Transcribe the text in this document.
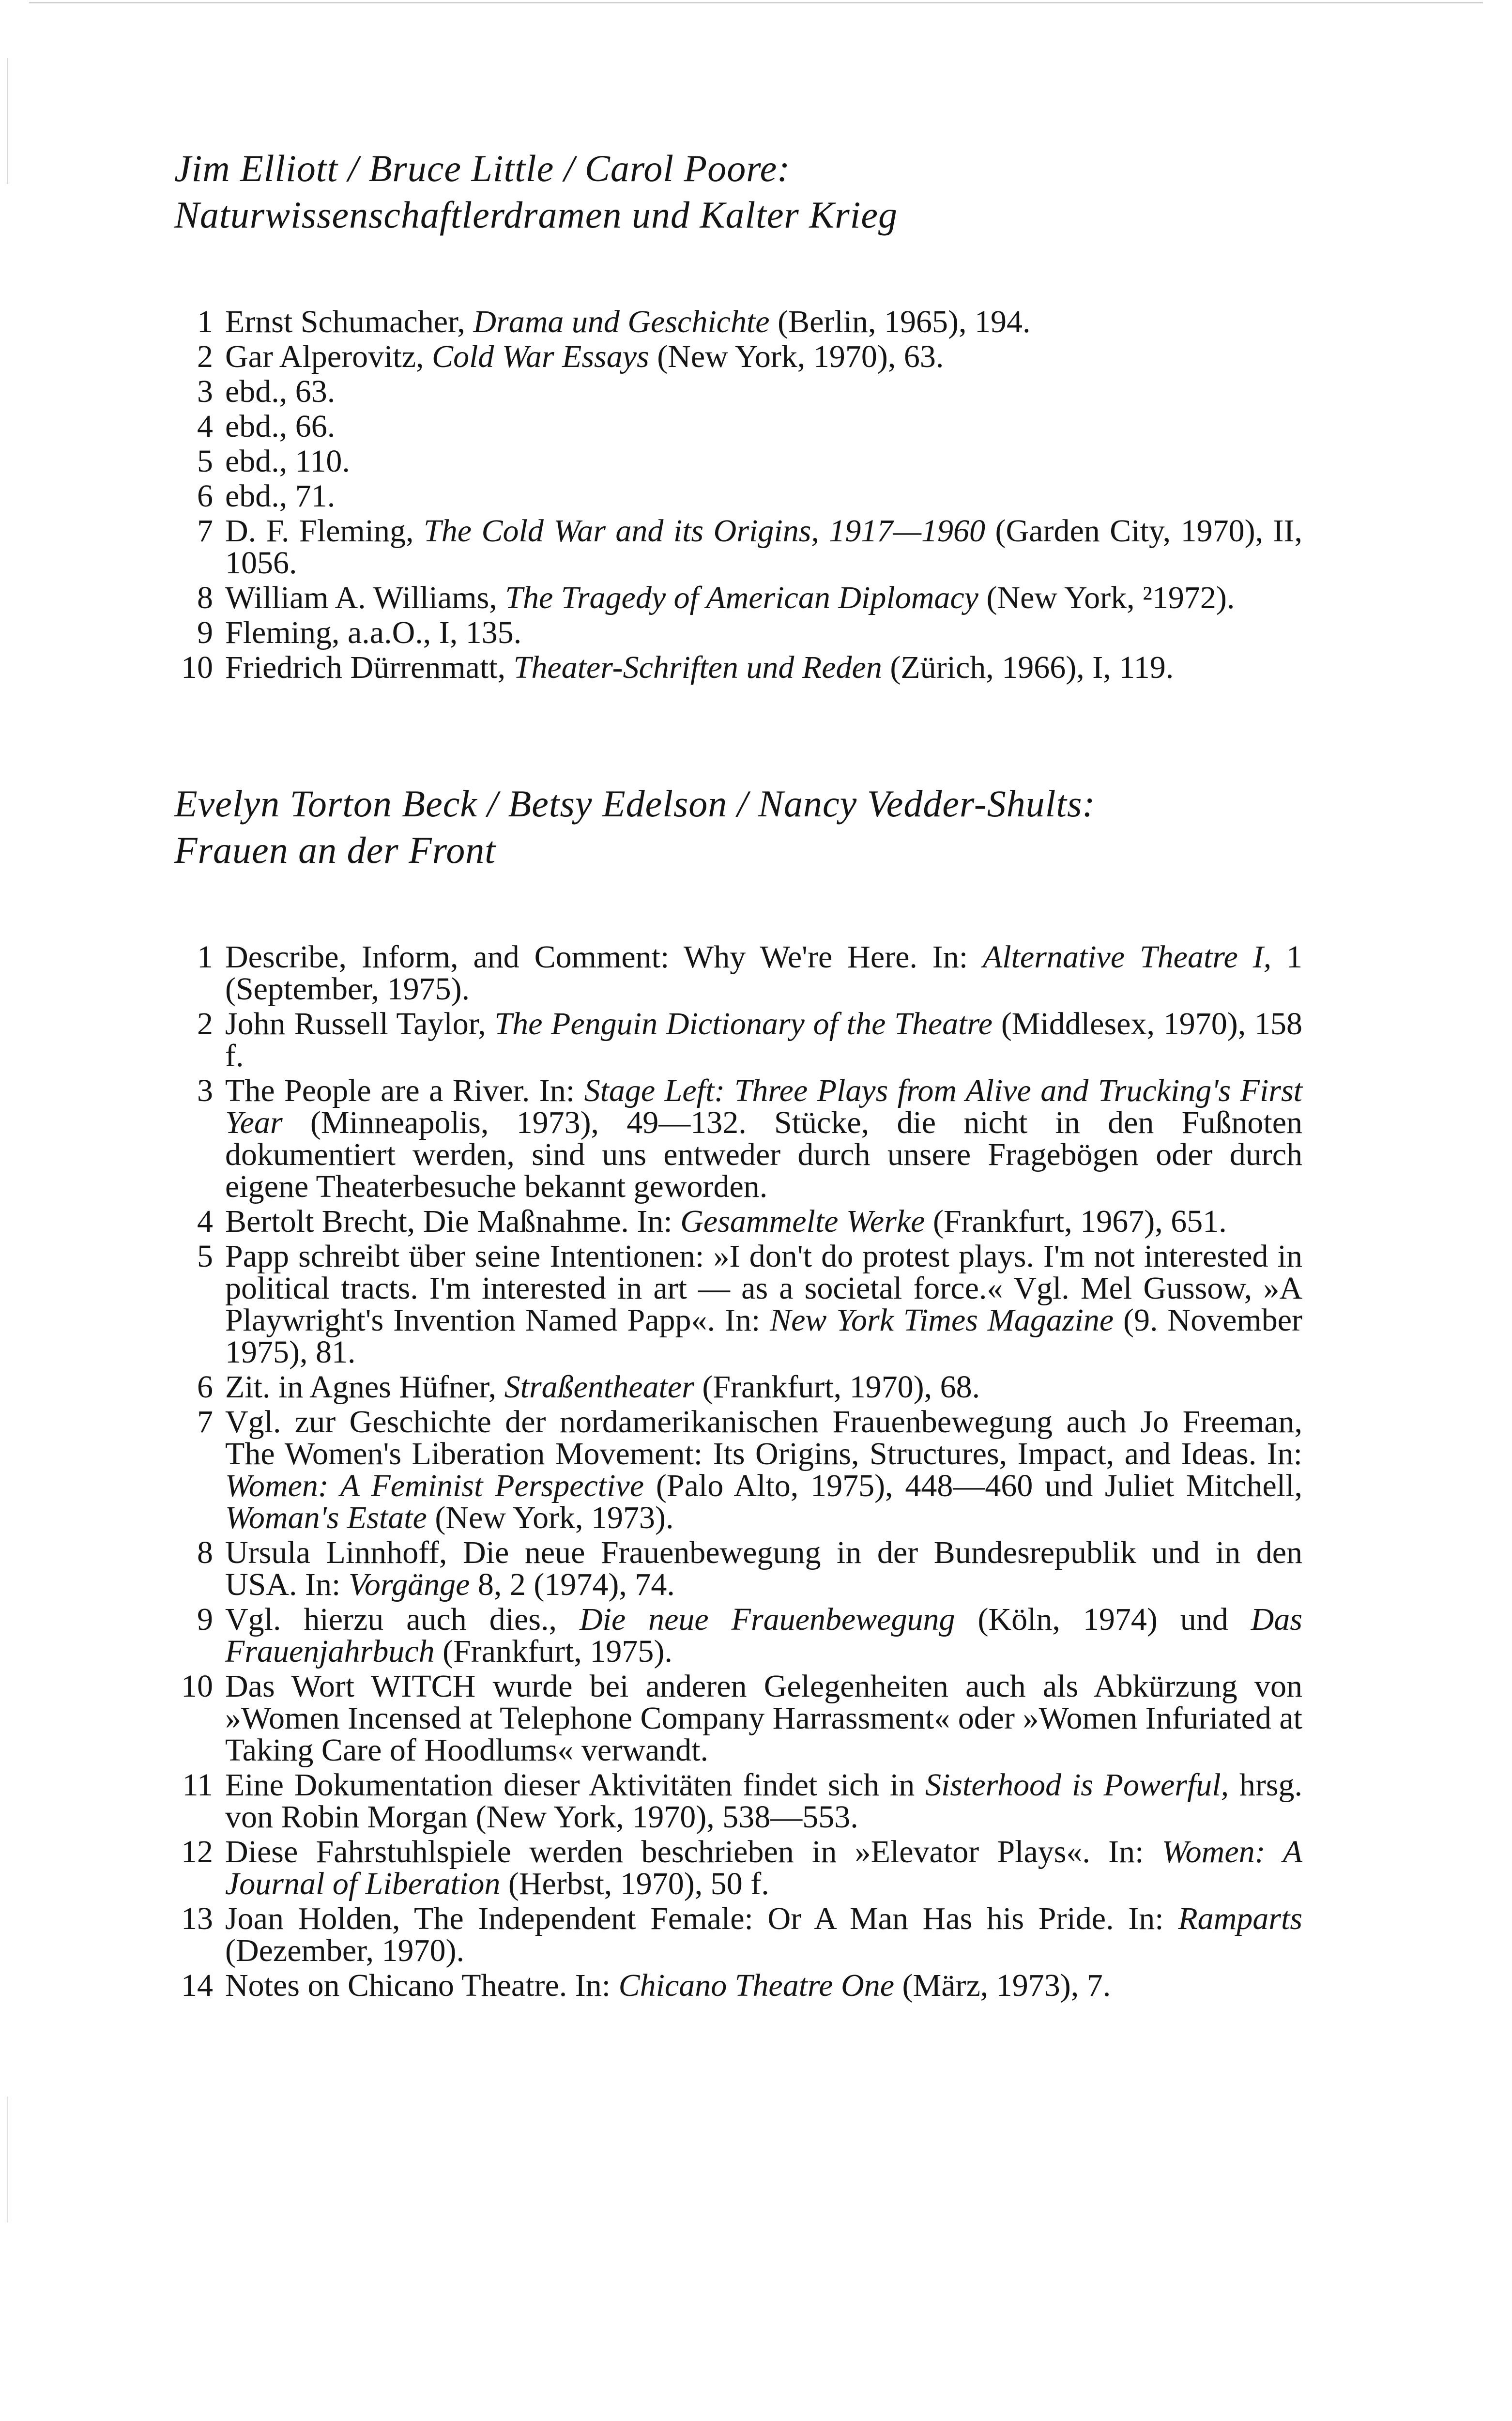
Jim Elliott / Bruce Little / Carol Poore:
Naturwissenschaftlerdramen und Kalter Krieg
1 Ernst Schumacher, Drama und Geschichte (Berlin, 1965), 194.
2 Gar Alperovitz, Cold War Essays (New York, 1970), 63.
3 ebd., 63.
4 ebd., 66.
5 ebd., 110.
6 ebd., 71.
7 D. F. Fleming, The Cold War and its Origins, 1917—1960 (Garden City, 1970), II, 1056.
8 William A. Williams, The Tragedy of American Diplomacy (New York, ²1972).
9 Fleming, a.a.O., I, 135.
10 Friedrich Dürrenmatt, Theater-Schriften und Reden (Zürich, 1966), I, 119.
Evelyn Torton Beck / Betsy Edelson / Nancy Vedder-Shults:
Frauen an der Front
1 Describe, Inform, and Comment: Why We're Here. In: Alternative Theatre I, 1 (September, 1975).
2 John Russell Taylor, The Penguin Dictionary of the Theatre (Middlesex, 1970), 158 f.
3 The People are a River. In: Stage Left: Three Plays from Alive and Trucking's First Year (Minneapolis, 1973), 49—132. Stücke, die nicht in den Fußnoten dokumentiert werden, sind uns entweder durch unsere Fragebögen oder durch eigene Theaterbesuche bekannt geworden.
4 Bertolt Brecht, Die Maßnahme. In: Gesammelte Werke (Frankfurt, 1967), 651.
5 Papp schreibt über seine Intentionen: »I don't do protest plays. I'm not interested in political tracts. I'm interested in art — as a societal force.« Vgl. Mel Gussow, »A Playwright's Invention Named Papp«. In: New York Times Magazine (9. November 1975), 81.
6 Zit. in Agnes Hüfner, Straßentheater (Frankfurt, 1970), 68.
7 Vgl. zur Geschichte der nordamerikanischen Frauenbewegung auch Jo Freeman, The Women's Liberation Movement: Its Origins, Structures, Impact, and Ideas. In: Women: A Feminist Perspective (Palo Alto, 1975), 448—460 und Juliet Mitchell, Woman's Estate (New York, 1973).
8 Ursula Linnhoff, Die neue Frauenbewegung in der Bundesrepublik und in den USA. In: Vorgänge 8, 2 (1974), 74.
9 Vgl. hierzu auch dies., Die neue Frauenbewegung (Köln, 1974) und Das Frauenjahrbuch (Frankfurt, 1975).
10 Das Wort WITCH wurde bei anderen Gelegenheiten auch als Abkürzung von »Women Incensed at Telephone Company Harrassment« oder »Women Infuriated at Taking Care of Hoodlums« verwandt.
11 Eine Dokumentation dieser Aktivitäten findet sich in Sisterhood is Powerful, hrsg. von Robin Morgan (New York, 1970), 538—553.
12 Diese Fahrstuhlspiele werden beschrieben in »Elevator Plays«. In: Women: A Journal of Liberation (Herbst, 1970), 50 f.
13 Joan Holden, The Independent Female: Or A Man Has his Pride. In: Ramparts (Dezember, 1970).
14 Notes on Chicano Theatre. In: Chicano Theatre One (März, 1973), 7.
